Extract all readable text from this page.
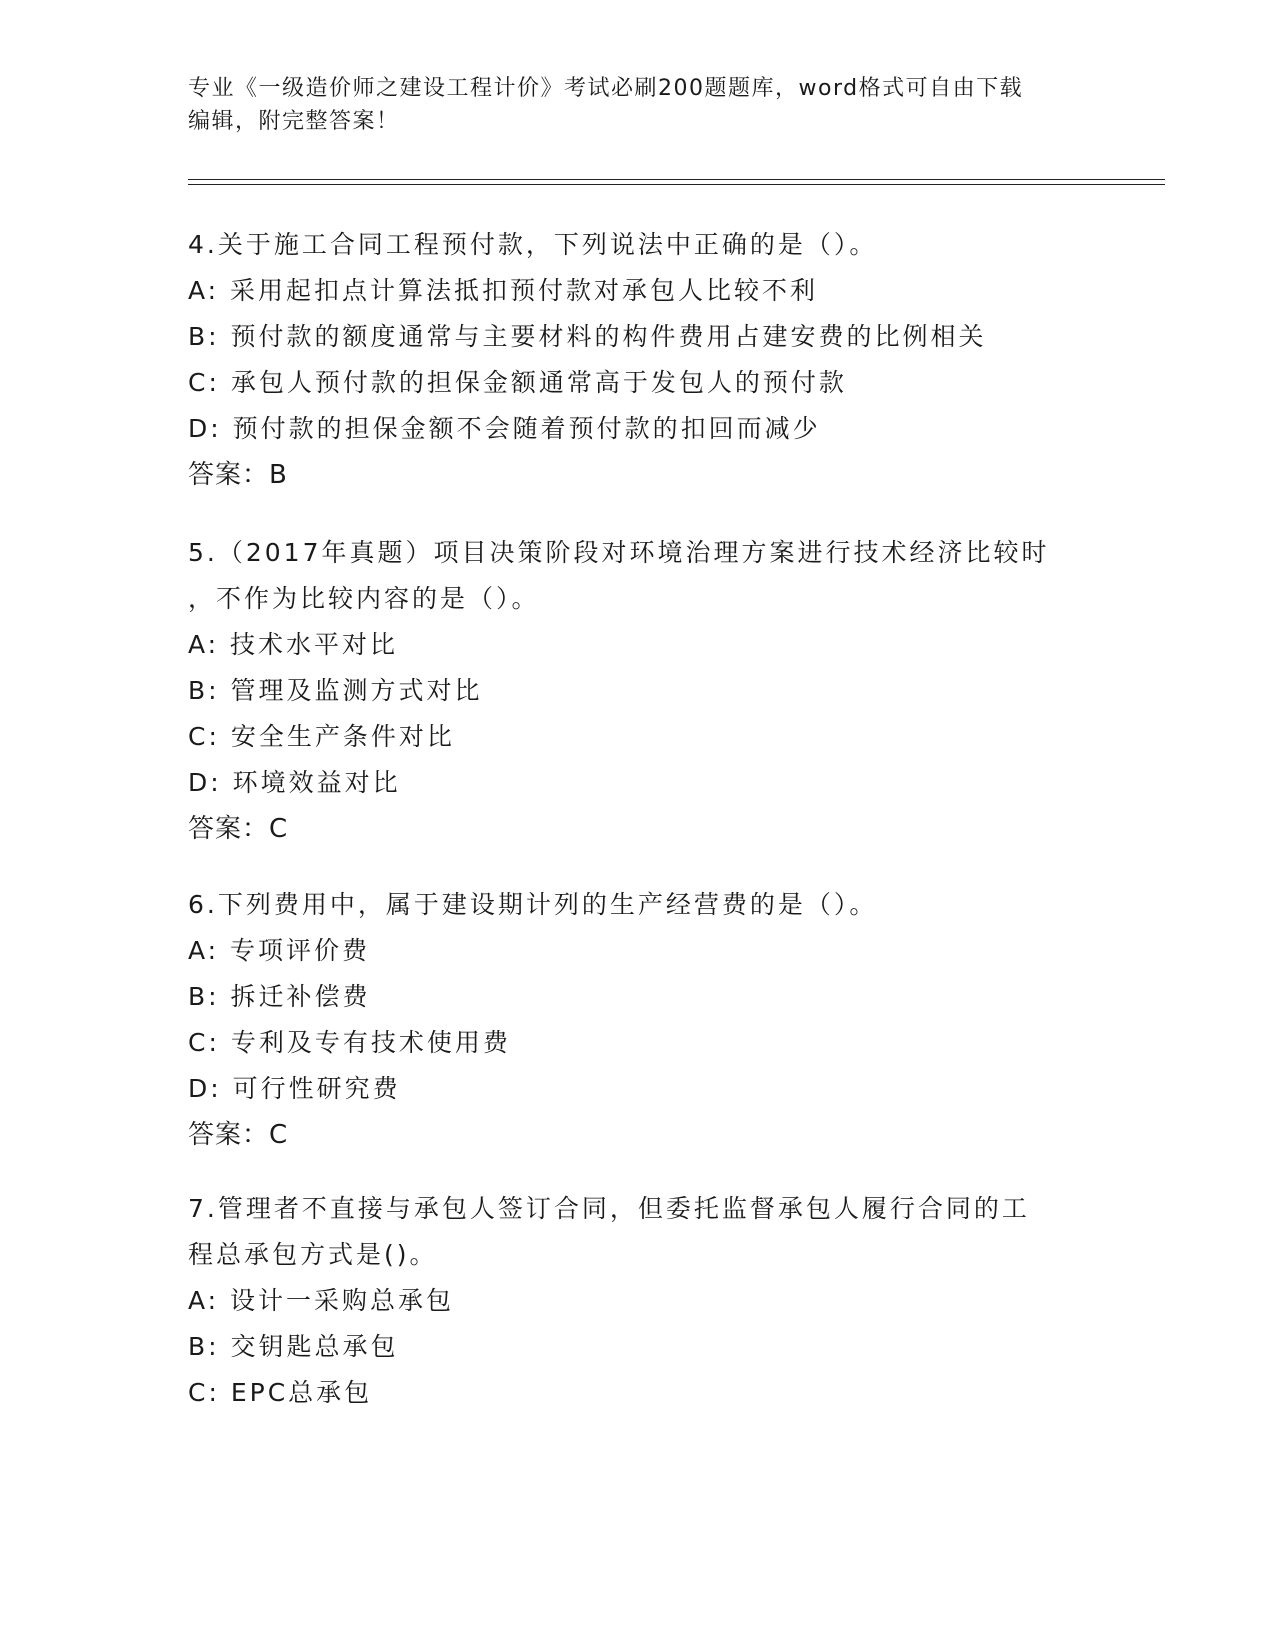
专业《一级造价师之建设工程计价》考试必刷200题题库，word格式可自由下载
编辑，附完整答案！
4.关于施工合同工程预付款，下列说法中正确的是（）。
A: 采用起扣点计算法抵扣预付款对承包人比较不利
B: 预付款的额度通常与主要材料的构件费用占建安费的比例相关
C: 承包人预付款的担保金额通常高于发包人的预付款
D: 预付款的担保金额不会随着预付款的扣回而减少
答案：B
5.（2017年真题）项目决策阶段对环境治理方案进行技术经济比较时
，不作为比较内容的是（）。
A: 技术水平对比
B: 管理及监测方式对比
C: 安全生产条件对比
D: 环境效益对比
答案：C
6.下列费用中，属于建设期计列的生产经营费的是（）。
A: 专项评价费
B: 拆迁补偿费
C: 专利及专有技术使用费
D: 可行性研究费
答案：C
7.管理者不直接与承包人签订合同，但委托监督承包人履行合同的工
程总承包方式是()。
A: 设计一采购总承包
B: 交钥匙总承包
C: EPC总承包
